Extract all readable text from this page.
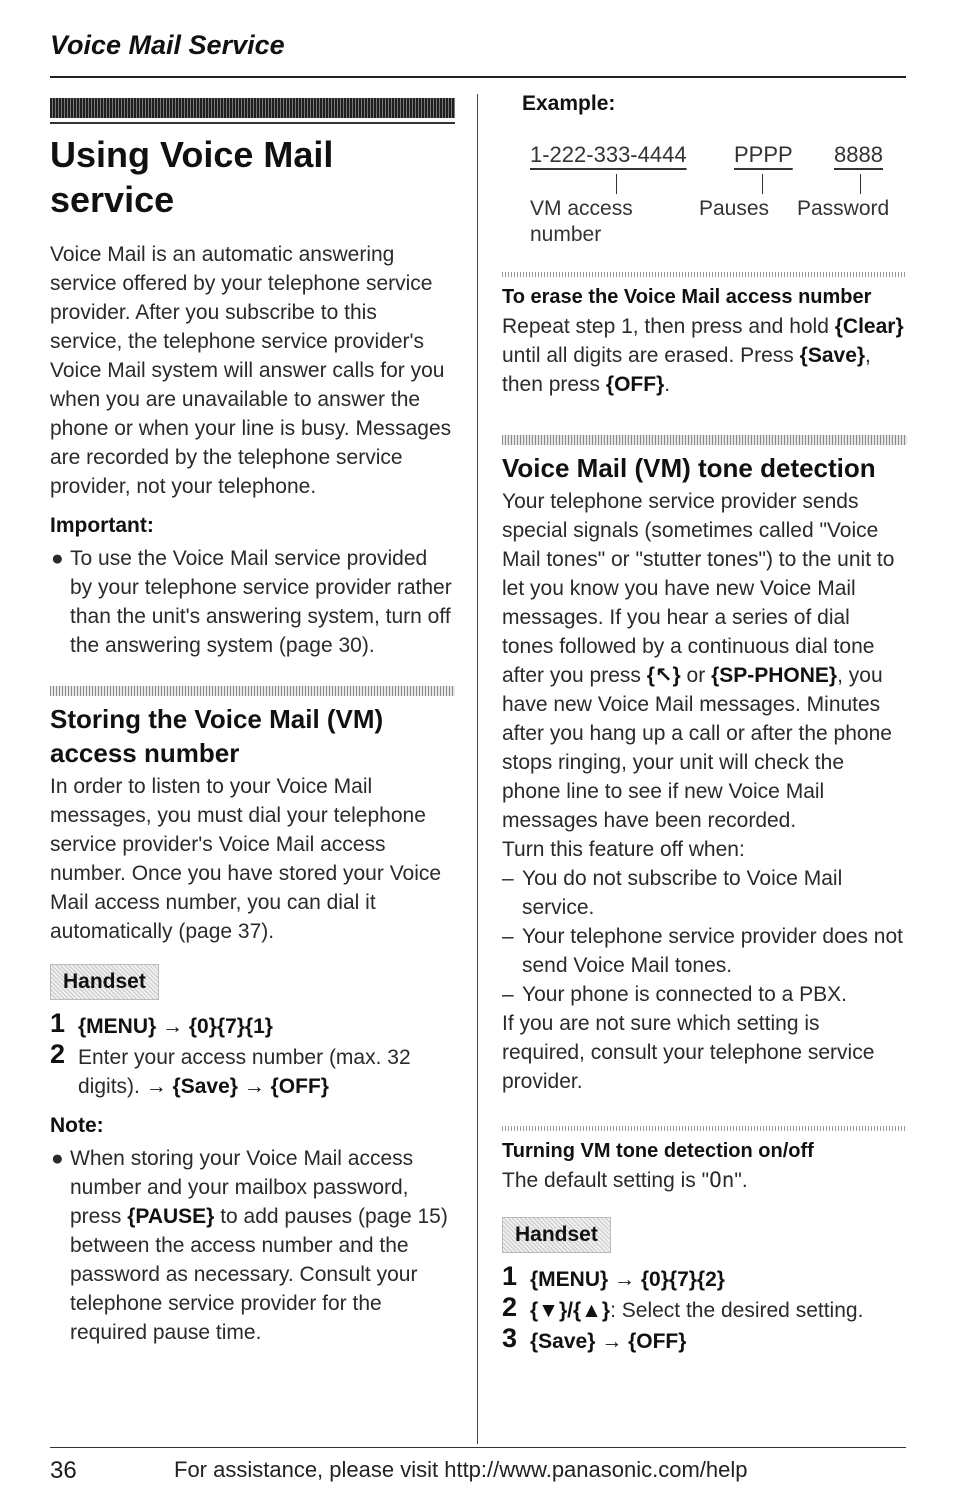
Voice Mail Service
Using Voice Mail service

Voice Mail is an automatic answering service offered by your telephone service provider. After you subscribe to this service, the telephone service provider's Voice Mail system will answer calls for you when you are unavailable to answer the phone or when your line is busy. Messages are recorded by the telephone service provider, not your telephone.

Important:
● To use the Voice Mail service provided by your telephone service provider rather than the unit's answering system, turn off the answering system (page 30).
Storing the Voice Mail (VM) access number

In order to listen to your Voice Mail messages, you must dial your telephone service provider's Voice Mail access number. Once you have stored your Voice Mail access number, you can dial it automatically (page 37).

Handset
1 {MENU} → {0}{7}{1}
2 Enter your access number (max. 32 digits). → {Save} → {OFF}
Note:
● When storing your Voice Mail access number and your mailbox password, press {PAUSE} to add pauses (page 15) between the access number and the password as necessary. Consult your telephone service provider for the required pause time.
Example:
1-222-333-4444 PPPP 8888
VM access number
Pauses Password
To erase the Voice Mail access number

Repeat step 1, then press and hold {Clear} until all digits are erased. Press {Save}, then press {OFF}.

Voice Mail (VM) tone detection

Your telephone service provider sends special signals (sometimes called "Voice Mail tones" or "stutter tones") to the unit to let you know you have new Voice Mail messages. If you hear a series of dial tones followed by a continuous dial tone after you press {↖} or {SP-PHONE}, you have new Voice Mail messages. Minutes after you hang up a call or after the phone stops ringing, your unit will check the phone line to see if new Voice Mail messages have been recorded.

Turn this feature off when:

– You do not subscribe to Voice Mail service.
– Your telephone service provider does not send Voice Mail tones.
– Your phone is connected to a PBX.

If you are not sure which setting is required, consult your telephone service provider.

Turning VM tone detection on/off

The default setting is "On".

Handset
1 {MENU} → {0}{7}{2}
2 {▼}/{▲}: Select the desired setting.
3 {Save} → {OFF}
36	For assistance, please visit http://www.panasonic.com/help
